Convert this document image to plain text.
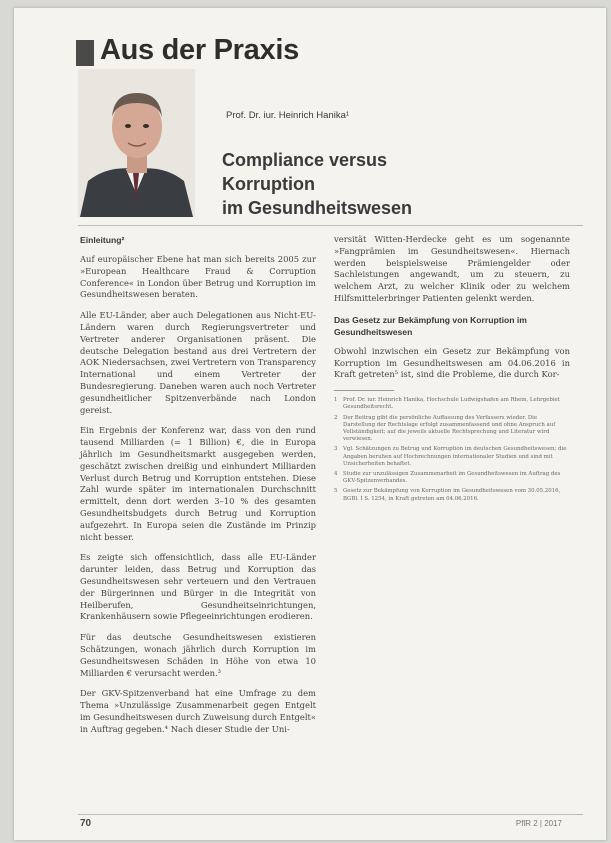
Aus der Praxis

Prof. Dr. iur. Heinrich Hanika¹

Compliance versus Korruption
im Gesundheitswesen
Einleitung²

Auf europäischer Ebene hat man sich bereits 2005 zur »European Healthcare Fraud & Corruption Conference« in London über Betrug und Korruption im Gesundheitswesen beraten.

Alle EU-Länder, aber auch Delegationen aus Nicht-EU-Ländern waren durch Regierungsvertreter und Vertreter anderer Organisationen präsent. Die deutsche Delegation bestand aus drei Vertretern der AOK Niedersachsen, zwei Vertretern von Transparency International und einem Vertreter der Bundesregierung. Daneben waren auch noch Vertreter gesundheitlicher Spitzenverbände nach London gereist.

Ein Ergebnis der Konferenz war, dass von den rund tausend Milliarden (= 1 Billion) €, die in Europa jährlich im Gesundheitsmarkt ausgegeben werden, geschätzt zwischen dreißig und einhundert Milliarden Verlust durch Betrug und Korruption entstehen. Diese Zahl wurde später im internationalen Durchschnitt ermittelt, denn dort werden 3–10 % des gesamten Gesundheitsbudgets durch Betrug und Korruption aufgezehrt. In Europa seien die Zustände im Prinzip nicht besser.

Es zeigte sich offensichtlich, dass alle EU-Länder darunter leiden, dass Betrug und Korruption das Gesundheitswesen sehr verteuern und den Vertrauen der Bürgerinnen und Bürger in die Integrität von Heilberufen, Gesundheitseinrichtungen, Krankenhäusern sowie Pflegeeinrichtungen erodieren.

Für das deutsche Gesundheitswesen existieren Schätzungen, wonach jährlich durch Korruption im Gesundheitswesen Schäden in Höhe von etwa 10 Milliarden € verursacht werden.³

Der GKV-Spitzenverband hat eine Umfrage zu dem Thema »Unzulässige Zusammenarbeit gegen Entgelt im Gesundheitswesen durch Zuweisung durch Entgelt« in Auftrag gegeben.⁴ Nach dieser Studie der Uni-

versität Witten-Herdecke geht es um sogenannte »Fangprämien im Gesundheitswesen«. Hiernach werden beispielsweise Prämiengelder oder Sachleistungen angewandt, um zu steuern, zu welchem Arzt, zu welcher Klinik oder zu welchem Hilfsmittelerbringer Patienten gelenkt werden.

Das Gesetz zur Bekämpfung von Korruption im Gesundheitswesen

Obwohl inzwischen ein Gesetz zur Bekämpfung von Korruption im Gesundheitswesen am 04.06.2016 in Kraft getreten⁵ ist, sind die Probleme, die durch Kor-

1	Prof. Dr. iur. Heinrich Hanika, Hochschule Ludwigshafen am Rhein, Lehrgebiet Gesundheitsrecht.
2	Der Beitrag gibt die persönliche Auffassung des Verfassers wieder. Die Darstellung der Rechtslage erfolgt zusammenfassend und ohne Anspruch auf Vollständigkeit; auf die jeweils aktuelle Rechtsprechung und Literatur wird verwiesen.
3	Vgl. Schätzungen zu Betrug und Korruption im deutschen Gesundheitswesen; die Angaben beruhen auf Hochrechnungen internationaler Studien und sind mit Unsicherheiten behaftet.
4	Studie zur unzulässigen Zusammenarbeit im Gesundheitswesen im Auftrag des GKV-Spitzenverbandes.
5	Gesetz zur Bekämpfung von Korruption im Gesundheitswesen vom 30.05.2016, BGBl. I S. 1254, in Kraft getreten am 04.06.2016.
70	PflR 2 | 2017
